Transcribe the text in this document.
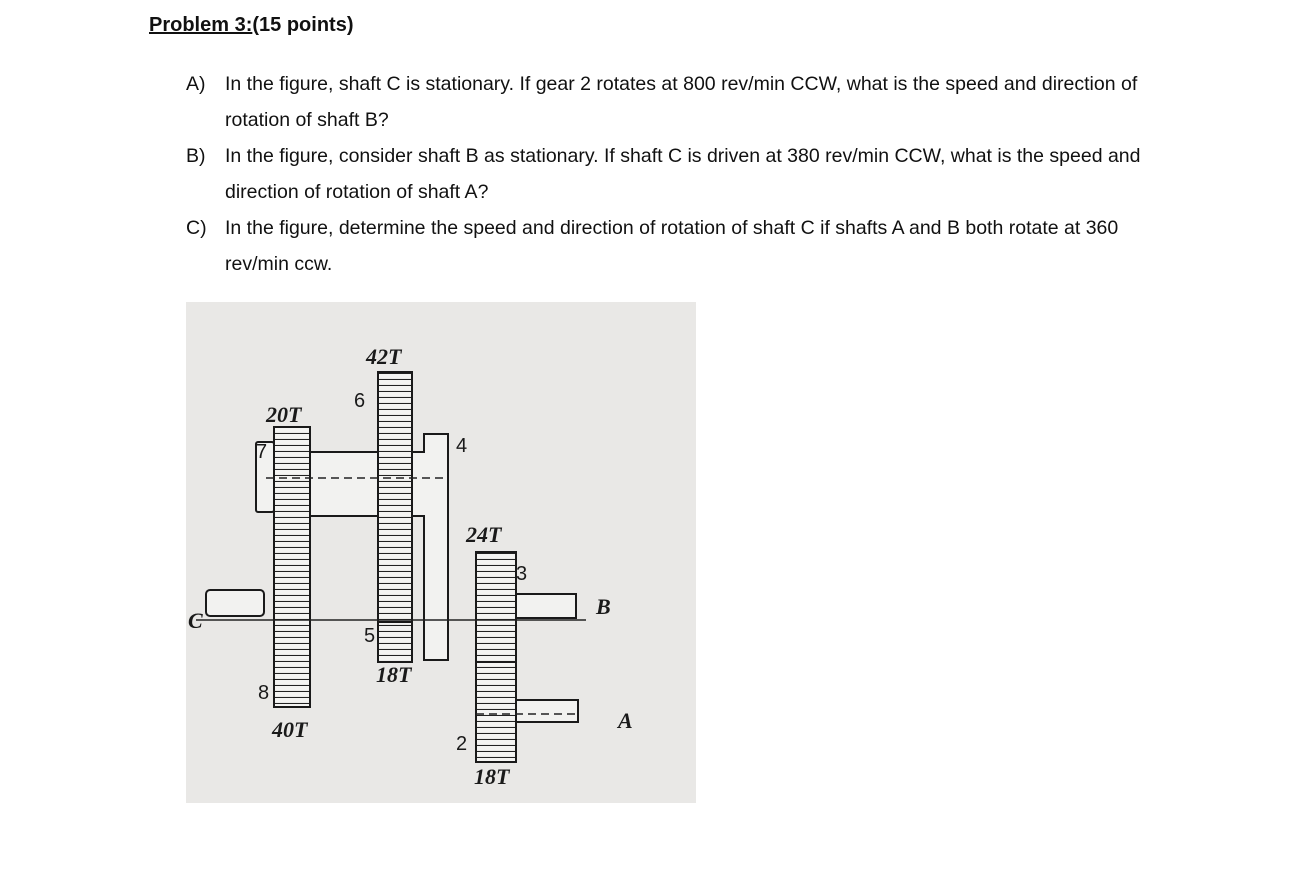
Problem 3:(15 points)
A)	In the figure, shaft C is stationary. If gear 2 rotates at 800 rev/min CCW, what is the speed and direction of rotation of shaft B?
B)	In the figure, consider shaft B as stationary. If shaft C is driven at 380 rev/min CCW, what is the speed and direction of rotation of shaft A?
C) In the figure, determine the speed and direction of rotation of shaft C if shafts A and B both rotate at 360 rev/min ccw.
42T
20T
24T
18T
40T
18T
6
7	4
3
5
8
2
C
B
A
